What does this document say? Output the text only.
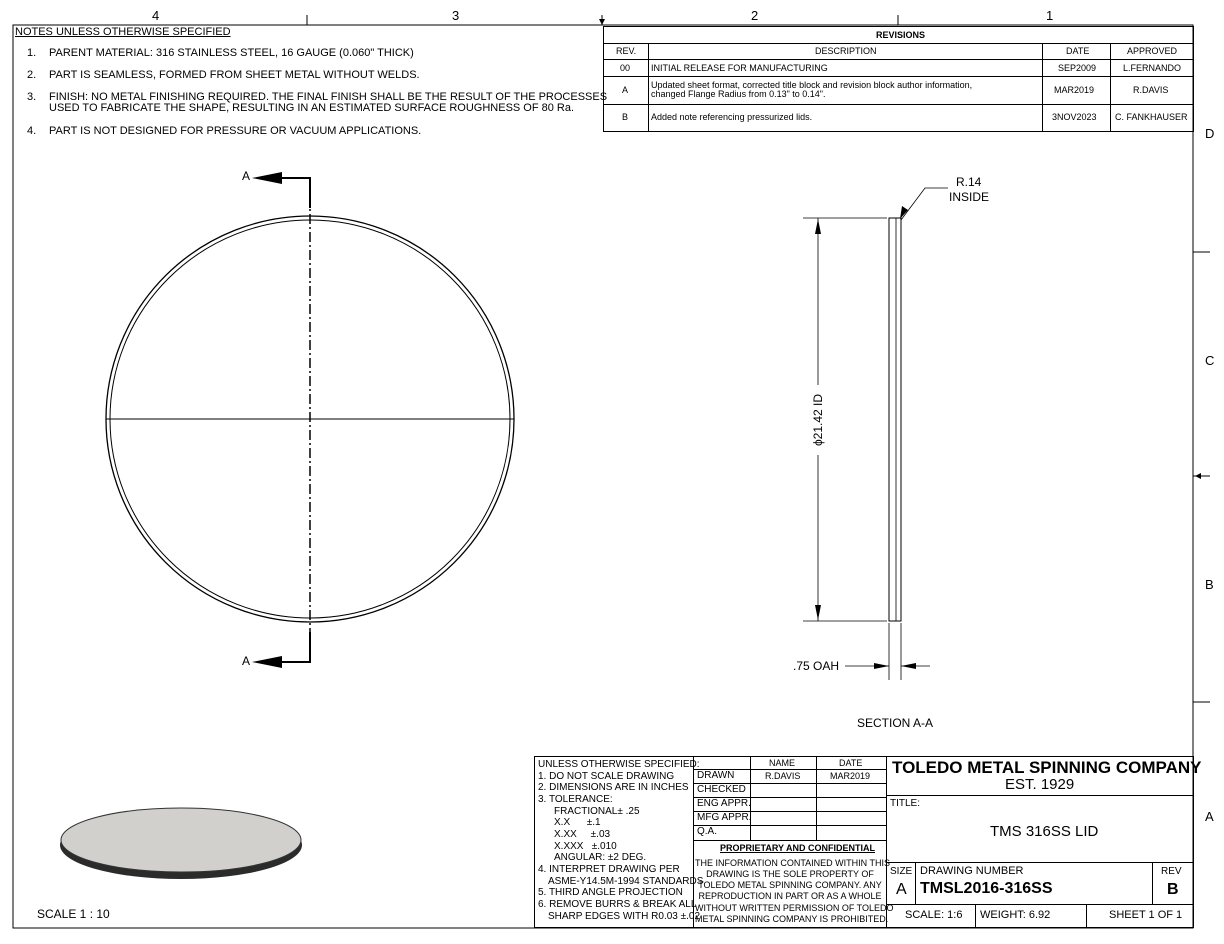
4	3	2	1
D
C
B
A
NOTES UNLESS OTHERWISE SPECIFIED
1. PARENT MATERIAL: 316 STAINLESS STEEL, 16 GAUGE (0.060" THICK)
2. PART IS SEAMLESS, FORMED FROM SHEET METAL WITHOUT WELDS.
3. FINISH: NO METAL FINISHING REQUIRED. THE FINAL FINISH SHALL BE THE RESULT OF THE PROCESSES
USED TO FABRICATE THE SHAPE, RESULTING IN AN ESTIMATED SURFACE ROUGHNESS OF 80 Ra.
4. PART IS NOT DESIGNED FOR PRESSURE OR VACUUM APPLICATIONS.
REVISIONS
REV.	DESCRIPTION	DATE	APPROVED
00 INITIAL RELEASE FOR MANUFACTURING	SEP2009	L.FERNANDO
A	Updated sheet format, corrected title block and revision block author information,
changed Flange Radius from 0.13" to 0.14".	MAR2019	R.DAVIS
B	Added note referencing pressurized lids.	3NOV2023 C. FANKHAUSER
A
A
R.14
INSIDE
ϕ21.42 ID
.75 OAH
SECTION A-A
SCALE 1 : 10
UNLESS OTHERWISE SPECIFIED:
1. DO NOT SCALE DRAWING
2. DIMENSIONS ARE IN INCHES
3. TOLERANCE:
FRACTIONAL± .25
X.X      ±.1
X.XX     ±.03
X.XXX   ±.010
ANGULAR: ±2 DEG.
4. INTERPRET DRAWING PER
ASME-Y14.5M-1994 STANDARDS
5. THIRD ANGLE PROJECTION
6. REMOVE BURRS & BREAK ALL
SHARP EDGES WITH R0.03 ±.02
NAME	DATE
DRAWN	R.DAVIS	MAR2019
CHECKED
ENG APPR.
MFG APPR.
Q.A.
PROPRIETARY AND CONFIDENTIAL
THE INFORMATION CONTAINED WITHIN THIS
DRAWING IS THE SOLE PROPERTY OF
TOLEDO METAL SPINNING COMPANY. ANY
REPRODUCTION IN PART OR AS A WHOLE
WITHOUT WRITTEN PERMISSION OF TOLEDO
METAL SPINNING COMPANY IS PROHIBITED.
TOLEDO METAL SPINNING COMPANY
EST. 1929
TITLE:
TMS 316SS LID
SIZE
A
DRAWING NUMBER
TMSL2016-316SS
REV
B
SCALE: 1:6 WEIGHT: 6.92	SHEET 1 OF 1
